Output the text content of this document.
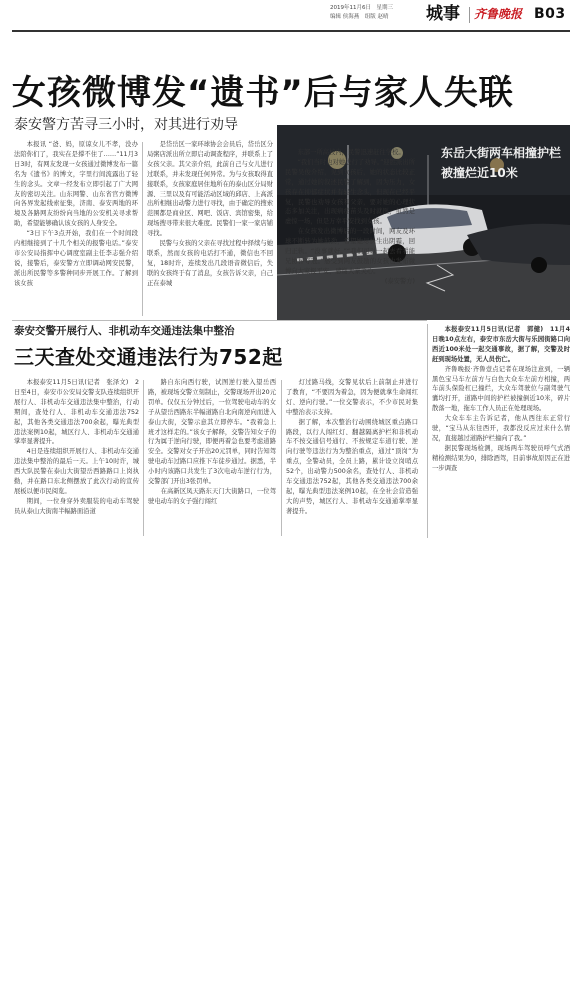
2019年11月6日　星期三
编辑 侯海燕　组版 赵晴	城事 齐鲁晚报 B03
女孩微博发“遗书”后与家人失联
泰安警方苦寻三小时，对其进行劝导

本报讯 “爸、妈，原谅女儿不孝，没办法陪你们了，我实在是撑不住了……”11月3日3时，有网友发现一女孩通过微博发布一篇名为《遗书》的博文，字里行间流露出了轻生的念头。文章一经发布立即引起了广大网友的密切关注。山东网警、山东省官方微博向各界发起线索征集，济南、泰安两地的环境及各路网友纷纷向当地的公安机关寻求帮助，希望能够确认该女孩的人身安全。

“3日下午3点开始，我们在一个时间段内相继接到了十几个相关的报警电话。”泰安市公安局指挥中心调度室副主任李志强介绍说，接警后，泰安警方立即调动网安民警，派出所民警等多警种同步开展工作。了解到该女孩

是岱岳区一家环球协会会员后，岱岳区分局粥店派出所立即启动调查程序，并联系上了女孩父亲。其父亲介绍，此前自己与女儿进行过联系，并未发现任何异常。为与女孩取得直接联系，女孩家庭居住地所在的泰山区分局财源、三里以及有可能活动区域的邱店、上高派出所相继出动警力进行寻找，由于确定的搜索范围都是商业区、网吧、饭店、宾馆密集，给现场搜寻带来很大难度。民警们一家一家店铺寻找。

民警与女孩的父亲在寻找过程中择续与她联系，然而女孩的电话打不通，微信也不回复，18时许，连续发出几段语音微信后，失联的女孩终于有了消息，女孩告诉父亲，自己正在泰城

东岳大街两车相撞护栏被撞烂近10米

东部一所高校内，民警迅速赶往学校。

“我们当时也对她进行了劝导。”迎胜派出所民警吴俊介绍，见到女孩后，她的状态比较正常，通过她的叙述民警了解到，因为压力，女孩存在抑郁症状并有轻生念头，但现在已经平复，民警也劝导女孩和父亲，要对她的心理状态多加关注，出现病症苗头及时就医，虽然是虚惊一场，但是万幸平安找到女孩。

在女孩发出微博后的一段时间，网友及环球不断转为她鼓劲，希望她尽快生出阴霾，回归正轨。“没事就好。”“我们可以一起去看看能兄协杯夺冠。”感受到网友鼓励的女孩也发布微博向大家报平安，感谢大家关心。

(泰安警方)

泰安交警开展行人、非机动车交通违法集中整治
三天查处交通违法行为752起

本报泰安11月5日讯(记者　张泽文)　2日至4日，泰安市公安局交警支队连续组织开展行人、非机动车交通违法集中整治，行动期间，查处行人、非机动车交通违法752起，其他各类交通违法700余起，曝光典型违法案例10起，城区行人、非机动车交通通掌率显著提升。

4日是连续组织开展行人、非机动车交通违法集中整治的最后一天。上午10时许，城西大队民警在泰山大街望岳西路路口上岗执勤，并在路口东北侧摆放了此次行动的宣传展板以便市民阅览。

期间，一位身穿外卖服装的电动车驾驶员从泰山大街南半幅路面沿道

路自东向西行驶，试图逆行驶入望岳西路，被现场交警立刻制止，交警现场开出20元罚单。仅仅五分钟过后，一位驾驶电动车的女子从望岳西路东半幅道路自北向南逆向而进入泰山大街，交警示意其立即停车。“我着急上班才这样走的。”该女子解释，交警告知女子的行为属于逆向行驶，即便再着急也要考虑道路安全。交警对女子开出20元罚单，同时告知驾驶电动车过路口应推下车徒步通过。据悉，半小时内该路口共发生了3次电动车逆行行为，交警部门开出3张罚单。

在高新区凤天路东天门大街路口，一位驾驶电动车的女子强行闯红

灯过路马线，交警见状后上前制止并进行了教育，“不要因为着急，因为便就拿生命闯红灯、逆向行驶。”一位交警表示，不少市民对集中整治表示支持。

据了解，本次整治行动围绕城区重点路口路段，以行人闯红灯、翻越隔离护栏和非机动车不按交通信号通行、不按规定车道行驶、逆向行驶等违法行为为整治重点，通过“顶岗”为重点，全警动员，全员上路，累计设立岗哨点52个，出动警力500余名，查处行人、非机动车交通违法752起，其他各类交通违法700余起，曝光典型违法案例10起，在全社会营造强大的声势，城区行人、非机动车交通通掌率显著提升。

本报泰安11月5日讯(记者　郭健)　11月4日晚10点左右，泰安市东岳大街与乐园街路口向西近100米处一起交通事故，据了解，交警及时赶到现场处置，无人员伤亡。

齐鲁晚报·齐鲁壹点记者在现场注意到，一辆黑色宝马车左前方与白色大众车左前方相撞，两车前头保险杠已撞烂，大众车驾驶位与副驾驶气囊均打开，道路中间的护栏被撞倒近10米，碎片散落一地，拖车工作人员正在处理现场。

大众车车主告诉记者，他从西往东正常行驶，“宝马从东往西开，我都没反应过来什么情况，直接越过道路护栏撞向了我。”

据民警现场检测，现场两车驾驶员呼气式酒精检测结果为0，排除酒驾，目前事故原因正在进一步调查
